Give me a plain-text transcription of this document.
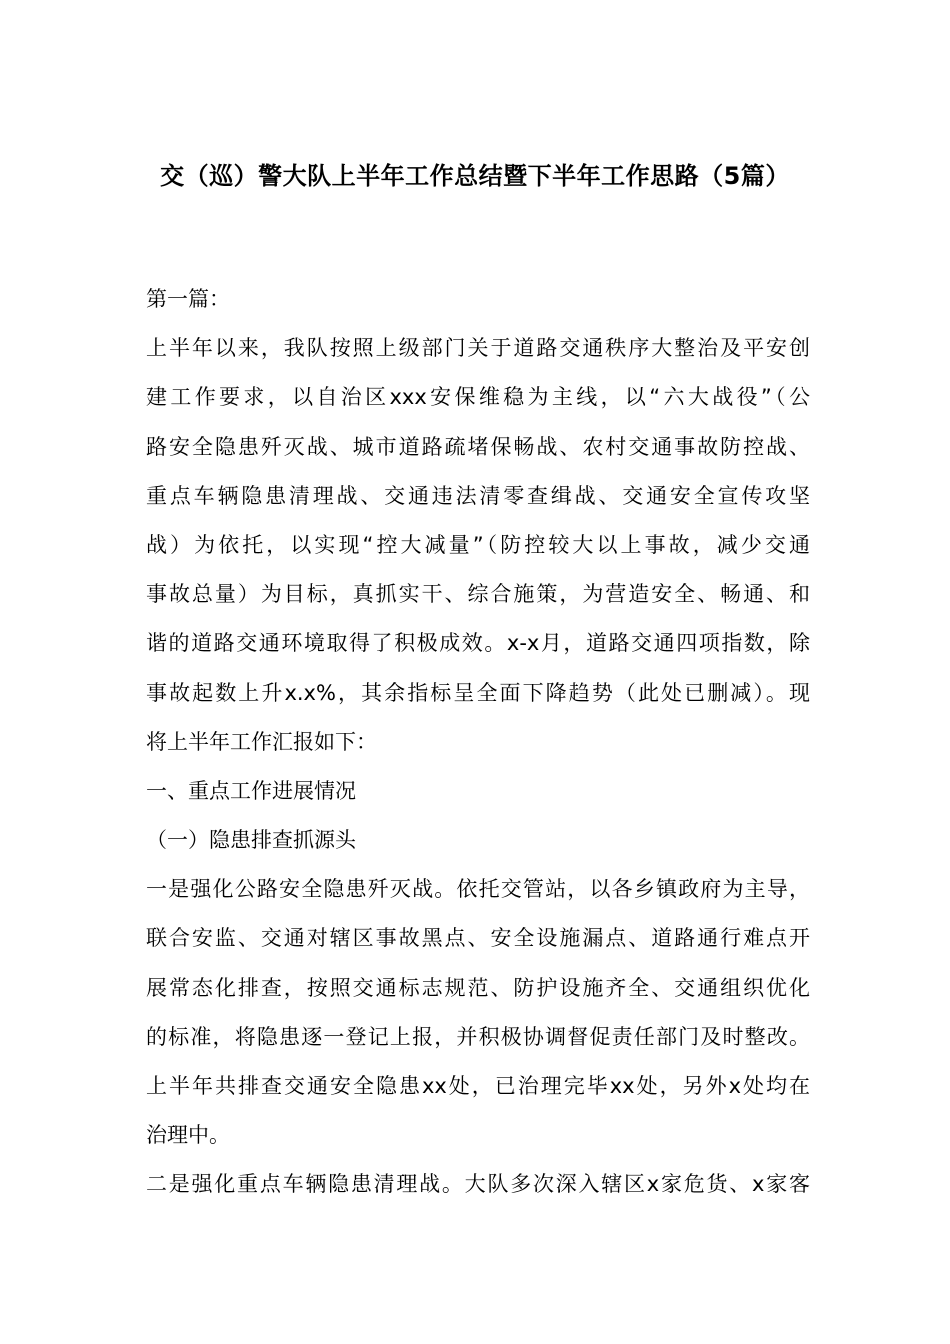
交（巡）警大队上半年工作总结暨下半年工作思路（5篇）
第一篇：
上半年以来，我队按照上级部门关于道路交通秩序大整治及平安创
建工作要求，以自治区xxx安保维稳为主线，以“六大战役”（公
路安全隐患歼灭战、城市道路疏堵保畅战、农村交通事故防控战、
重点车辆隐患清理战、交通违法清零查缉战、交通安全宣传攻坚
战）为依托，以实现“控大减量”（防控较大以上事故，减少交通
事故总量）为目标，真抓实干、综合施策，为营造安全、畅通、和
谐的道路交通环境取得了积极成效。x-x月，道路交通四项指数，除
事故起数上升x.x%，其余指标呈全面下降趋势（此处已删减）。现
将上半年工作汇报如下：
一、重点工作进展情况
（一）隐患排查抓源头
一是强化公路安全隐患歼灭战。依托交管站，以各乡镇政府为主导，
联合安监、交通对辖区事故黑点、安全设施漏点、道路通行难点开
展常态化排查，按照交通标志规范、防护设施齐全、交通组织优化
的标准，将隐患逐一登记上报，并积极协调督促责任部门及时整改。
上半年共排查交通安全隐患xx处，已治理完毕xx处，另外x处均在
治理中。
二是强化重点车辆隐患清理战。大队多次深入辖区x家危货、x家客
